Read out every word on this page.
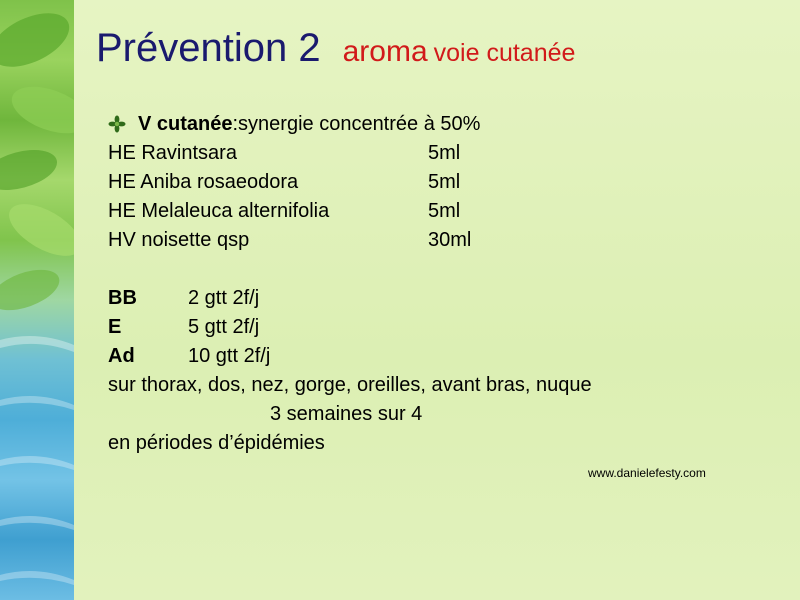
Prévention 2 aroma voie cutanée
V cutanée:synergie concentrée à 50%
HE Ravintsara	5ml
HE Aniba rosaeodora	5ml
HE Melaleuca alternifolia	5ml
HV noisette qsp	30ml
BB	2 gtt 2f/j
E	5 gtt 2f/j
Ad	10 gtt 2f/j
sur thorax, dos, nez, gorge, oreilles, avant bras, nuque
3 semaines sur 4
en périodes d’épidémies
www.danielefesty.com
